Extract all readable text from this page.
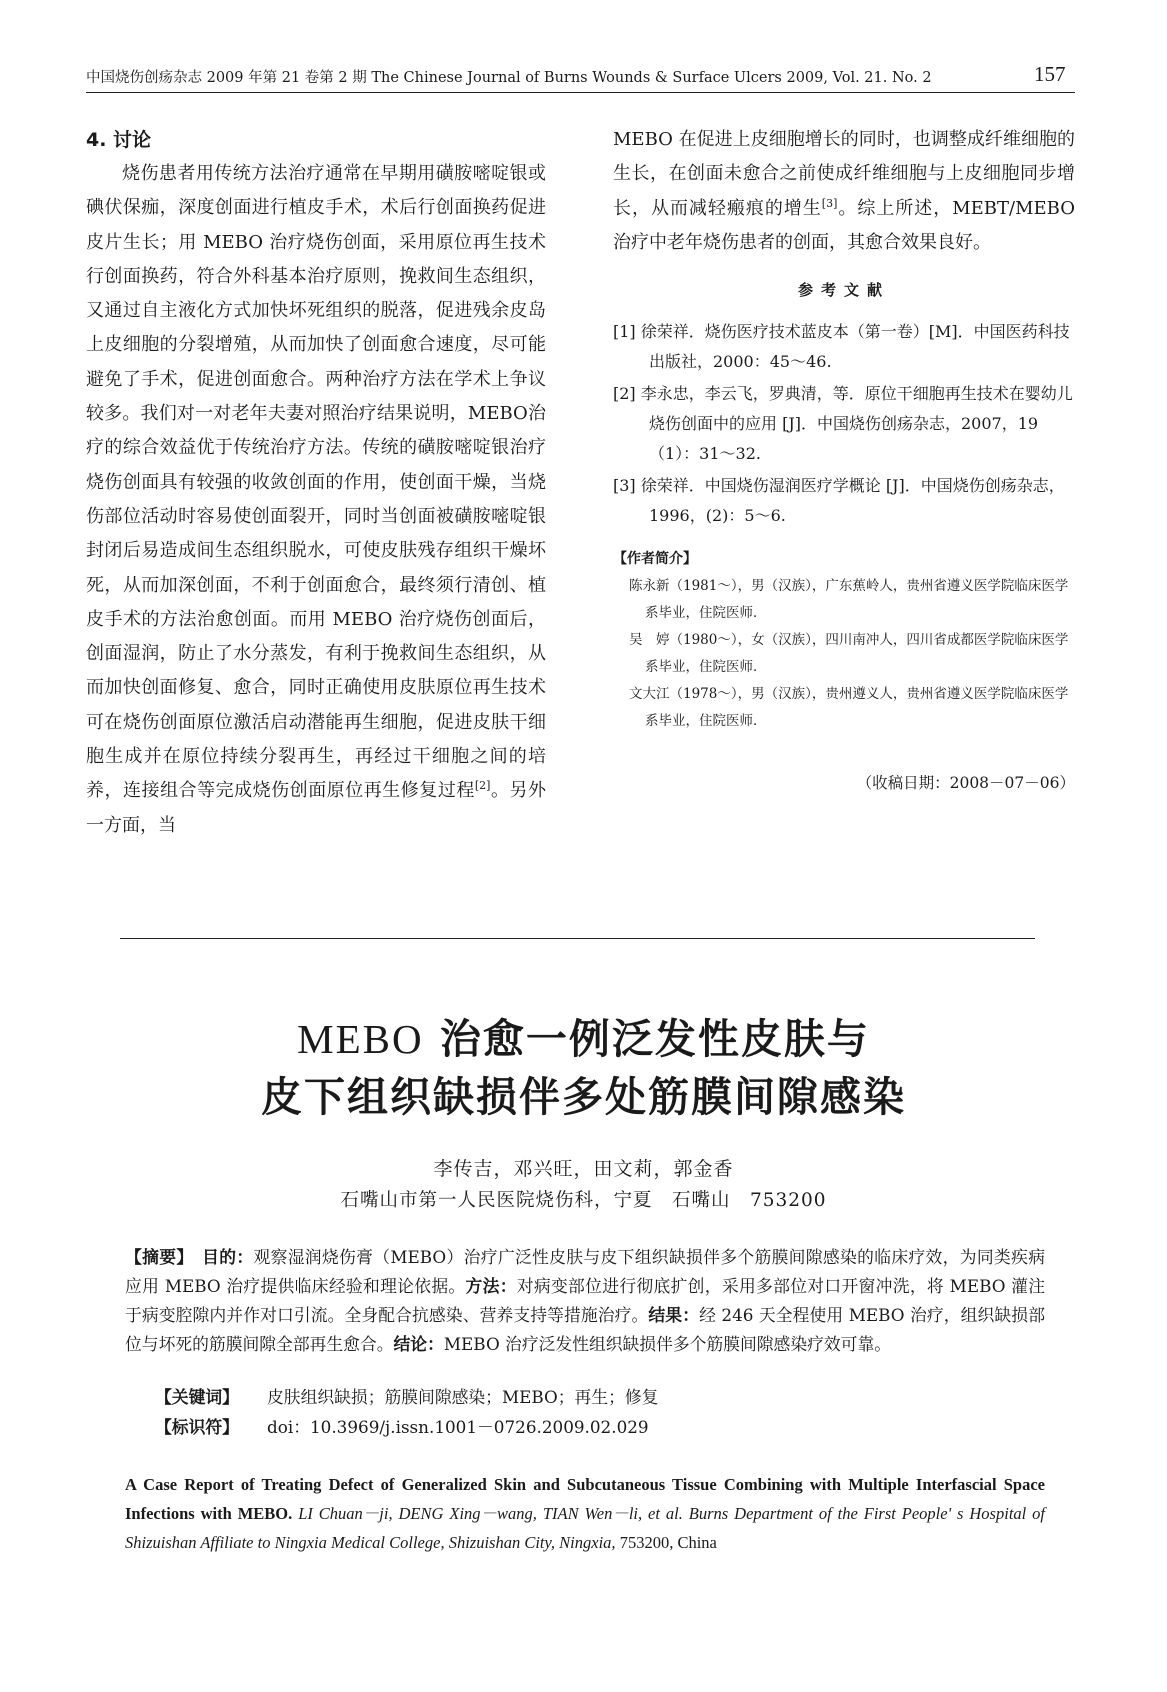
中国烧伤创疡杂志 2009 年第 21 卷第 2 期 The Chinese Journal of Burns Wounds & Surface Ulcers 2009, Vol. 21. No. 2	157
4. 讨论

烧伤患者用传统方法治疗通常在早期用磺胺嘧啶银或碘伏保痂，深度创面进行植皮手术，术后行创面换药促进皮片生长；用 MEBO 治疗烧伤创面，采用原位再生技术行创面换药，符合外科基本治疗原则，挽救间生态组织，又通过自主液化方式加快坏死组织的脱落，促进残余皮岛上皮细胞的分裂增殖，从而加快了创面愈合速度，尽可能避免了手术，促进创面愈合。两种治疗方法在学术上争议较多。我们对一对老年夫妻对照治疗结果说明，MEBO治疗的综合效益优于传统治疗方法。传统的磺胺嘧啶银治疗烧伤创面具有较强的收敛创面的作用，使创面干燥，当烧伤部位活动时容易使创面裂开，同时当创面被磺胺嘧啶银封闭后易造成间生态组织脱水，可使皮肤残存组织干燥坏死，从而加深创面，不利于创面愈合，最终须行清创、植皮手术的方法治愈创面。而用 MEBO 治疗烧伤创面后，创面湿润，防止了水分蒸发，有利于挽救间生态组织，从而加快创面修复、愈合，同时正确使用皮肤原位再生技术可在烧伤创面原位激活启动潜能再生细胞，促进皮肤干细胞生成并在原位持续分裂再生，再经过干细胞之间的培养，连接组合等完成烧伤创面原位再生修复过程[2]。另外一方面，当

MEBO 在促进上皮细胞增长的同时，也调整成纤维细胞的生长，在创面未愈合之前使成纤维细胞与上皮细胞同步增长，从而减轻瘢痕的增生[3]。综上所述，MEBT/MEBO 治疗中老年烧伤患者的创面，其愈合效果良好。

参考文献
[1] 徐荣祥．烧伤医疗技术蓝皮本（第一卷）[M]．中国医药科技出版社，2000：45～46.
[2] 李永忠，李云飞，罗典清，等．原位干细胞再生技术在婴幼儿烧伤创面中的应用 [J]．中国烧伤创疡杂志，2007，19（1）：31～32.
[3] 徐荣祥．中国烧伤湿润医疗学概论 [J]．中国烧伤创疡杂志，1996，(2)：5～6.
【作者简介】
陈永新（1981～），男（汉族），广东蕉岭人，贵州省遵义医学院临床医学系毕业，住院医师．
吴　婷（1980～），女（汉族），四川南冲人，四川省成都医学院临床医学系毕业，住院医师．
文大江（1978～），男（汉族），贵州遵义人，贵州省遵义医学院临床医学系毕业，住院医师．
（收稿日期：2008－07－06）
MEBO 治愈一例泛发性皮肤与
皮下组织缺损伴多处筋膜间隙感染
李传吉，邓兴旺，田文莉，郭金香
石嘴山市第一人民医院烧伤科，宁夏　石嘴山　753200
【摘要】　 目的：观察湿润烧伤膏（MEBO）治疗广泛性皮肤与皮下组织缺损伴多个筋膜间隙感染的临床疗效，为同类疾病应用 MEBO 治疗提供临床经验和理论依据。方法：对病变部位进行彻底扩创，采用多部位对口开窗冲洗，将 MEBO 灌注于病变腔隙内并作对口引流。全身配合抗感染、营养支持等措施治疗。结果：经 246 天全程使用 MEBO 治疗，组织缺损部位与坏死的筋膜间隙全部再生愈合。结论：MEBO 治疗泛发性组织缺损伴多个筋膜间隙感染疗效可靠。
【关键词】 皮肤组织缺损；筋膜间隙感染；MEBO；再生；修复
【标识符】 doi：10.3969/j.issn.1001－0726.2009.02.029
A Case Report of Treating Defect of Generalized Skin and Subcutaneous Tissue Combining with Multiple Interfascial Space Infections with MEBO. LI Chuan－ji, DENG Xing－wang, TIAN Wen－li, et al. Burns Department of the First People' s Hospital of Shizuishan Affiliate to Ningxia Medical College, Shizuishan City, Ningxia, 753200, China
